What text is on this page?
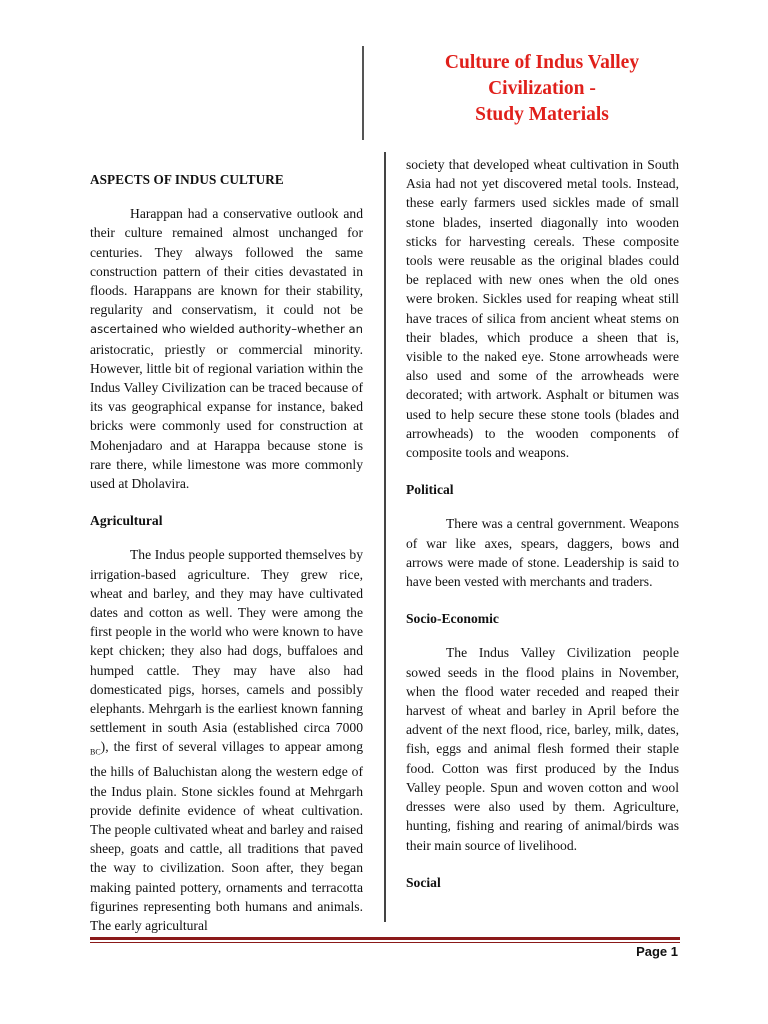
Culture of Indus Valley
Civilization -
Study Materials
ASPECTS OF INDUS CULTURE

Harappan had a conservative outlook and their culture remained almost unchanged for centuries. They always followed the same construction pattern of their cities devastated in floods. Harappans are known for their stability, regularity and conservatism, it could not be ascertained who wielded authority–whether an aristocratic, priestly or commercial minority. However, little bit of regional variation within the Indus Valley Civilization can be traced because of its vas geographical expanse for instance, baked bricks were commonly used for construction at Mohenjadaro and at Harappa because stone is rare there, while limestone was more commonly used at Dholavira.

Agricultural

The Indus people supported themselves by irrigation-based agriculture. They grew rice, wheat and barley, and they may have cultivated dates and cotton as well. They were among the first people in the world who were known to have kept chicken; they also had dogs, buffaloes and humped cattle. They may have also had domesticated pigs, horses, camels and possibly elephants. Mehrgarh is the earliest known fanning settlement in south Asia (established circa 7000 $_{BC}$), the first of several villages to appear among the hills of Baluchistan along the western edge of the Indus plain. Stone sickles found at Mehrgarh provide definite evidence of wheat cultivation. The people cultivated wheat and barley and raised sheep, goats and cattle, all traditions that paved the way to civilization. Soon after, they began making painted pottery, ornaments and terracotta figurines representing both humans and animals. The early agricultural

society that developed wheat cultivation in South Asia had not yet discovered metal tools. Instead, these early farmers used sickles made of small stone blades, inserted diagonally into wooden sticks for harvesting cereals. These composite tools were reusable as the original blades could be replaced with new ones when the old ones were broken. Sickles used for reaping wheat still have traces of silica from ancient wheat stems on their blades, which produce a sheen that is, visible to the naked eye. Stone arrowheads were also used and some of the arrowheads were decorated; with artwork. Asphalt or bitumen was used to help secure these stone tools (blades and arrowheads) to the wooden components of composite tools and weapons.

Political

There was a central government. Weapons of war like axes, spears, daggers, bows and arrows were made of stone. Leadership is said to have been vested with merchants and traders.

Socio-Economic

The Indus Valley Civilization people sowed seeds in the flood plains in November, when the flood water receded and reaped their harvest of wheat and barley in April before the advent of the next flood, rice, barley, milk, dates, fish, eggs and animal flesh formed their staple food. Cotton was first produced by the Indus Valley people. Spun and woven cotton and wool dresses were also used by them. Agriculture, hunting, fishing and rearing of animal/birds was their main source of livelihood.

Social
Page 1
